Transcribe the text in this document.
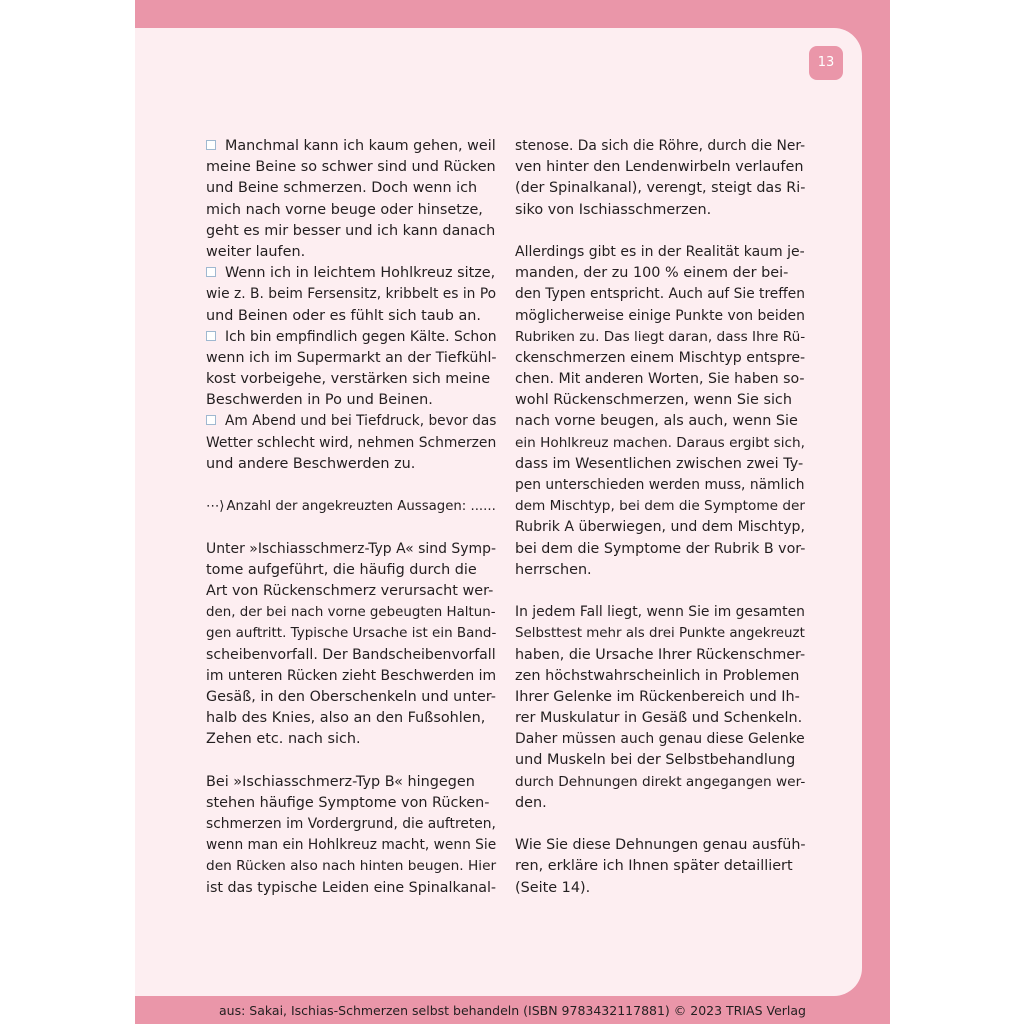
13
Manchmal kann ich kaum gehen, weil
meine Beine so schwer sind und Rücken
und Beine schmerzen. Doch wenn ich
mich nach vorne beuge oder hinsetze,
geht es mir besser und ich kann danach
weiter laufen.
Wenn ich in leichtem Hohlkreuz sitze,
wie z. B. beim Fersensitz, kribbelt es in Po
und Beinen oder es fühlt sich taub an.
Ich bin empfindlich gegen Kälte. Schon
wenn ich im Supermarkt an der Tiefkühl-
kost vorbeigehe, verstärken sich meine
Beschwerden in Po und Beinen.
Am Abend und bei Tiefdruck, bevor das
Wetter schlecht wird, nehmen Schmerzen
und andere Beschwerden zu.
⋯⟩ Anzahl der angekreuzten Aussagen: ......
Unter »Ischiasschmerz-Typ A« sind Symp-
tome aufgeführt, die häufig durch die
Art von Rückenschmerz verursacht wer-
den, der bei nach vorne gebeugten Haltun-
gen auftritt. Typische Ursache ist ein Band-
scheibenvorfall. Der Bandscheibenvorfall
im unteren Rücken zieht Beschwerden im
Gesäß, in den Oberschenkeln und unter-
halb des Knies, also an den Fußsohlen,
Zehen etc. nach sich.
Bei »Ischiasschmerz-Typ B« hingegen
stehen häufige Symptome von Rücken-
schmerzen im Vordergrund, die auftreten,
wenn man ein Hohlkreuz macht, wenn Sie
den Rücken also nach hinten beugen. Hier
ist das typische Leiden eine Spinalkanal-
stenose. Da sich die Röhre, durch die Ner-
ven hinter den Lendenwirbeln verlaufen
(der Spinalkanal), verengt, steigt das Ri-
siko von Ischiasschmerzen.
Allerdings gibt es in der Realität kaum je-
manden, der zu 100 % einem der bei-
den Typen entspricht. Auch auf Sie treffen
möglicherweise einige Punkte von beiden
Rubriken zu. Das liegt daran, dass Ihre Rü-
ckenschmerzen einem Mischtyp entspre-
chen. Mit anderen Worten, Sie haben so-
wohl Rückenschmerzen, wenn Sie sich
nach vorne beugen, als auch, wenn Sie
ein Hohlkreuz machen. Daraus ergibt sich,
dass im Wesentlichen zwischen zwei Ty-
pen unterschieden werden muss, nämlich
dem Mischtyp, bei dem die Symptome der
Rubrik A überwiegen, und dem Mischtyp,
bei dem die Symptome der Rubrik B vor-
herrschen.
In jedem Fall liegt, wenn Sie im gesamten
Selbsttest mehr als drei Punkte angekreuzt
haben, die Ursache Ihrer Rückenschmer-
zen höchstwahrscheinlich in Problemen
Ihrer Gelenke im Rückenbereich und Ih-
rer Muskulatur in Gesäß und Schenkeln.
Daher müssen auch genau diese Gelenke
und Muskeln bei der Selbstbehandlung
durch Dehnungen direkt angegangen wer-
den.
Wie Sie diese Dehnungen genau ausfüh-
ren, erkläre ich Ihnen später detailliert
(Seite 14).
aus: Sakai, Ischias-Schmerzen selbst behandeln (ISBN 9783432117881) © 2023 TRIAS Verlag
